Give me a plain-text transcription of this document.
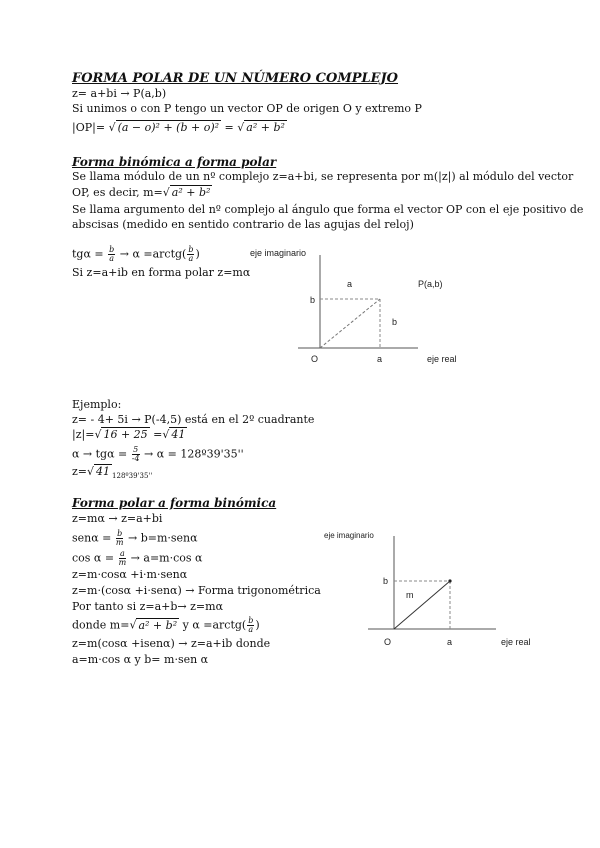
FORMA POLAR DE UN NÚMERO COMPLEJO
z= a+bi → P(a,b)
Si unimos o con P tengo un vector OP de origen O y extremo P
|OP|= √ (a − o)² + (b + o)² = √ a² + b²
Forma binómica a forma polar
Se llama módulo de un nº complejo z=a+bi, se representa por m(|z|) al módulo del vector
OP, es decir, m=√ a² + b²
Se llama argumento del nº complejo al ángulo que forma el vector OP con el eje positivo de
abscisas (medido en sentido contrario de las agujas del reloj)
$tg\alpha = \frac{b}{a} \to \alpha$ =arctg( $\frac{b}{a}$ )
Si z=a+ib en forma polar z=mα
eje imaginario
a
b
P(a,b)
b
O	a	eje real
Ejemplo:
z= - 4+ 5i → P(-4,5) está en el 2º cuadrante
|z|=√ 16 + 25 =√ 41
$\alpha \to tg\alpha = \frac{5}{-4} \to \alpha$ = 128º39'35''
z=√ 41 $_{128º39'35''}$
Forma polar a forma binómica
z=mα → z=a+bi
$sen\alpha = \frac{b}{m} \to b=m\cdot sen\alpha$
$\cos \alpha = \frac{a}{m} \to a=m\cdot\cos$ α
z=m·cosα +i·m·senα
z=m·(cosα +i·senα) → Forma trigonométrica
Por tanto si z=a+b→ z=mα
donde m=√ a² + b² y α =arctg( $\frac{b}{a}$ )
z=m(cosα +isenα) → z=a+ib donde
a=m·cos α y b= m·sen α
eje imaginario
m
b
O	a	eje real
